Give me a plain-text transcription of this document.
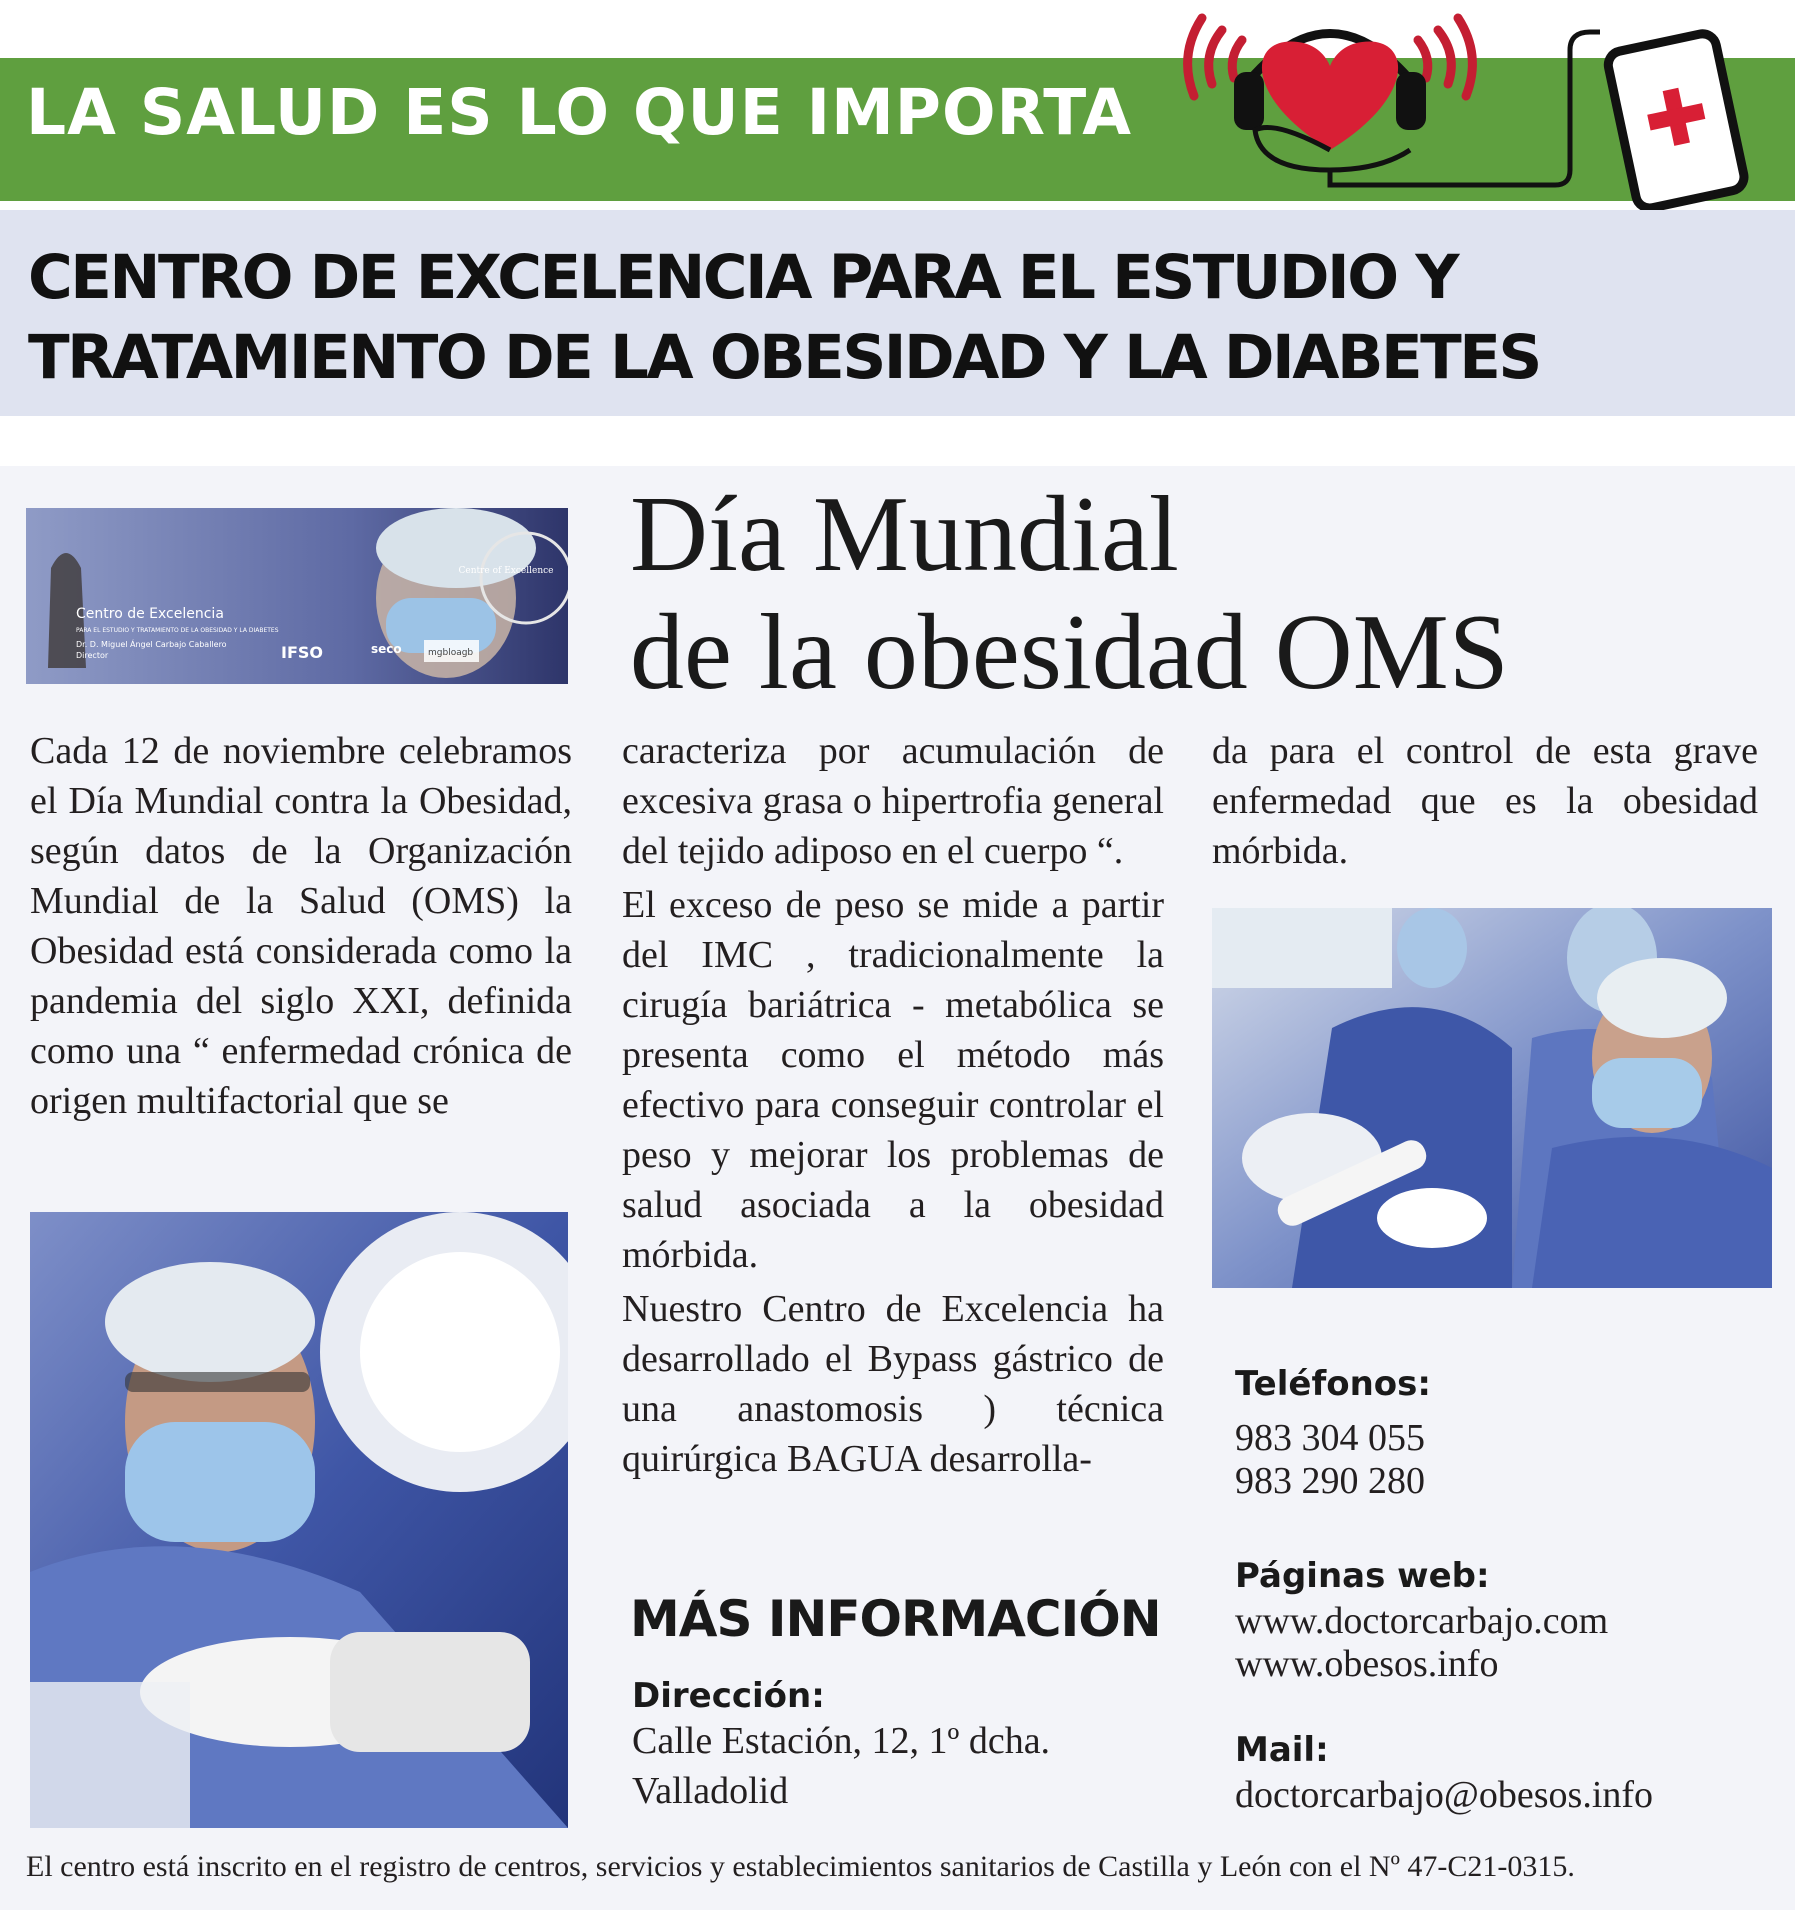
LA SALUD ES LO QUE IMPORTA
CENTRO DE EXCELENCIA PARA EL ESTUDIO Y
TRATAMIENTO DE LA OBESIDAD Y LA DIABETES
Centro de Excelencia
PARA EL ESTUDIO Y TRATAMIENTO DE LA OBESIDAD Y LA DIABETES
Dr. D. Miguel Ángel Carbajo Caballero
Director
Centre of Excellence
IFSO	seco	mgbloagb
Día Mundial
de la obesidad OMS

Cada 12 de noviembre celebramos el Día Mundial contra la Obesidad, según datos de la Organización Mundial de la Salud (OMS) la Obesidad está considerada como la pandemia del siglo XXI, definida como una “ enfermedad crónica de origen multifactorial que se

caracteriza por acumulación de excesiva grasa o hipertrofia general del tejido adiposo en el cuerpo “.

El exceso de peso se mide a partir del IMC , tradicionalmente la cirugía bariátrica - metabólica se presenta como el método más efectivo para conseguir controlar el peso y mejorar los problemas de salud asociada a la obesidad mórbida.

Nuestro Centro de Excelencia ha desarrollado el Bypass gástrico de una anastomosis ) técnica quirúrgica BAGUA desarrolla-

da para el control de esta grave enfermedad que es la obesidad mórbida.

MÁS INFORMACIÓN
Dirección:
Calle Estación, 12, 1º dcha.
Valladolid
Teléfonos:
983 304 055
983 290 280
Páginas web:
www.doctorcarbajo.com
www.obesos.info
Mail:
doctorcarbajo@obesos.info
El centro está inscrito en el registro de centros, servicios y establecimientos sanitarios de Castilla y León con el Nº 47-C21-0315.
